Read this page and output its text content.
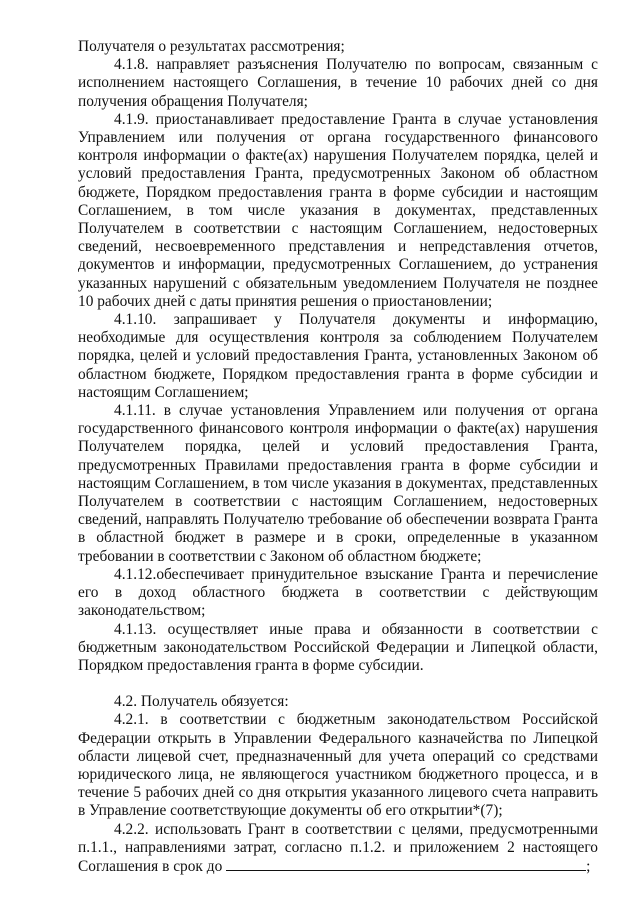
Получателя о результатах рассмотрения;

4.1.8. направляет разъяснения Получателю по вопросам, связанным с исполнением настоящего Соглашения, в течение 10 рабочих дней со дня получения обращения Получателя;

4.1.9. приостанавливает предоставление Гранта в случае установления Управлением или получения от органа государственного финансового контроля информации о факте(ах) нарушения Получателем порядка, целей и условий предоставления Гранта, предусмотренных Законом об областном бюджете, Порядком предоставления гранта в форме субсидии и настоящим Соглашением, в том числе указания в документах, представленных Получателем в соответствии с настоящим Соглашением, недостоверных сведений, несвоевременного представления и непредставления отчетов, документов и информации, предусмотренных Соглашением, до устранения указанных нарушений с обязательным уведомлением Получателя не позднее 10 рабочих дней с даты принятия решения о приостановлении;

4.1.10. запрашивает у Получателя документы и информацию, необходимые для осуществления контроля за соблюдением Получателем порядка, целей и условий предоставления Гранта, установленных Законом об областном бюджете, Порядком предоставления гранта в форме субсидии и настоящим Соглашением;

4.1.11. в случае установления Управлением или получения от органа государственного финансового контроля информации о факте(ах) нарушения Получателем порядка, целей и условий предоставления Гранта, предусмотренных Правилами предоставления гранта в форме субсидии и настоящим Соглашением, в том числе указания в документах, представленных Получателем в соответствии с настоящим Соглашением, недостоверных сведений, направлять Получателю требование об обеспечении возврата Гранта в областной бюджет в размере и в сроки, определенные в указанном требовании в соответствии с Законом об областном бюджете;

4.1.12.обеспечивает принудительное взыскание Гранта и перечисление его в доход областного бюджета в соответствии с действующим законодательством;

4.1.13. осуществляет иные права и обязанности в соответствии с бюджетным законодательством Российской Федерации и Липецкой области, Порядком предоставления гранта в форме субсидии.

4.2. Получатель обязуется:

4.2.1. в соответствии с бюджетным законодательством Российской Федерации открыть в Управлении Федерального казначейства по Липецкой области лицевой счет, предназначенный для учета операций со средствами юридического лица, не являющегося участником бюджетного процесса, и в течение 5 рабочих дней со дня открытия указанного лицевого счета направить в Управление соответствующие документы об его открытии*(7);

4.2.2. использовать Грант в соответствии с целями, предусмотренными п.1.1., направлениями затрат, согласно п.1.2. и приложением 2 настоящего Соглашения в срок до	;
